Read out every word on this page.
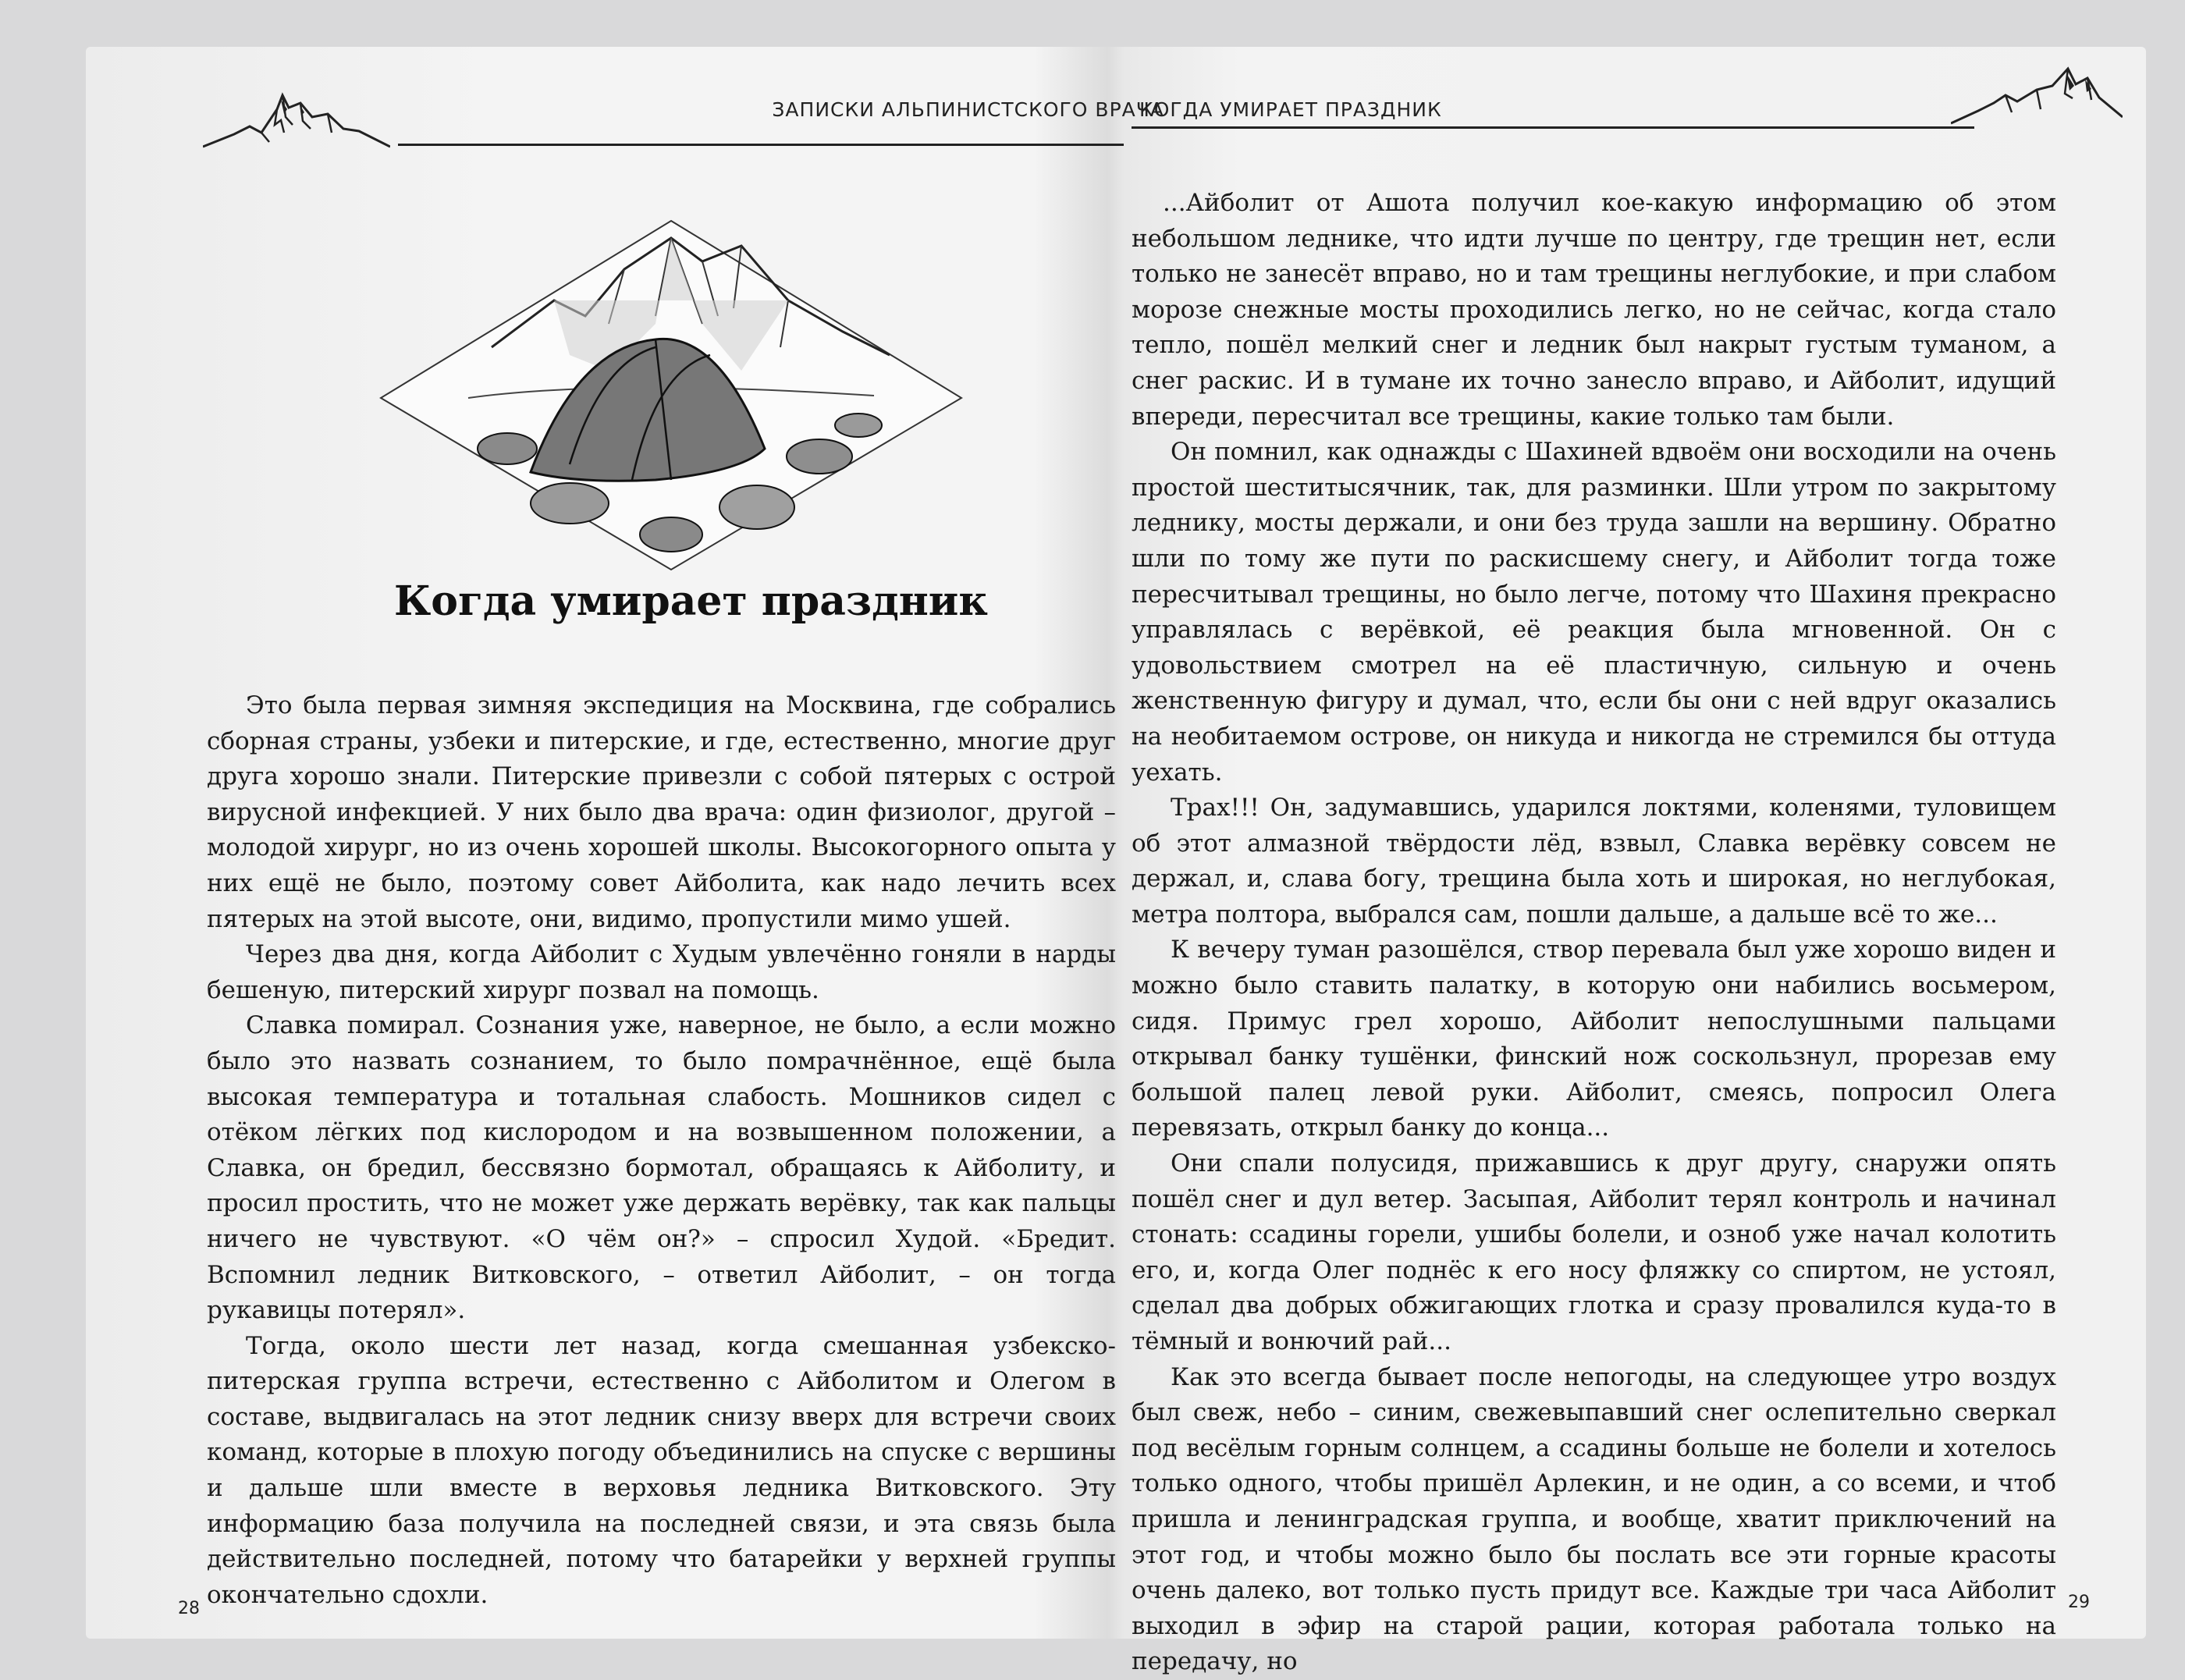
ЗАПИСКИ АЛЬПИНИСТСКОГО ВРАЧА
Когда умирает праздник

Это была первая зимняя экспедиция на Москвина, где собрались сборная страны, узбеки и питерские, и где, естественно, многие друг друга хорошо знали. Питерские привезли с собой пятерых с острой вирусной инфекцией. У них было два врача: один физиолог, другой – молодой хирург, но из очень хорошей школы. Высокогорного опыта у них ещё не было, поэтому совет Айболита, как надо лечить всех пятерых на этой высоте, они, видимо, пропустили мимо ушей.

Через два дня, когда Айболит с Худым увлечённо гоняли в нарды бешеную, питерский хирург позвал на помощь.

Славка помирал. Сознания уже, наверное, не было, а если можно было это назвать сознанием, то было помрачнённое, ещё была высокая температура и тотальная слабость. Мошников сидел с отёком лёгких под кислородом и на возвышенном положении, а Славка, он бредил, бессвязно бормотал, обращаясь к Айболиту, и просил простить, что не может уже держать верёвку, так как пальцы ничего не чувствуют. «О чём он?» – спросил Худой. «Бредит. Вспомнил ледник Витковского, – ответил Айболит, – он тогда рукавицы потерял».

Тогда, около шести лет назад, когда смешанная узбекско-питерская группа встречи, естественно с Айболитом и Олегом в составе, выдвигалась на этот ледник снизу вверх для встречи своих команд, которые в плохую погоду объединились на спуске с вершины и дальше шли вместе в верховья ледника Витковского. Эту информацию база получила на последней связи, и эта связь была действительно последней, потому что батарейки у верхней группы окончательно сдохли.

28
КОГДА УМИРАЕТ ПРАЗДНИК

...Айболит от Ашота получил кое-какую информацию об этом небольшом леднике, что идти лучше по центру, где трещин нет, если только не занесёт вправо, но и там трещины неглубокие, и при слабом морозе снежные мосты проходились легко, но не сейчас, когда стало тепло, пошёл мелкий снег и ледник был накрыт густым туманом, а снег раскис. И в тумане их точно занесло вправо, и Айболит, идущий впереди, пересчитал все трещины, какие только там были.

Он помнил, как однажды с Шахиней вдвоём они восходили на очень простой шеститысячник, так, для разминки. Шли утром по закрытому леднику, мосты держали, и они без труда зашли на вершину. Обратно шли по тому же пути по раскисшему снегу, и Айболит тогда тоже пересчитывал трещины, но было легче, потому что Шахиня прекрасно управлялась с верёвкой, её реакция была мгновенной. Он с удовольствием смотрел на её пластичную, сильную и очень женственную фигуру и думал, что, если бы они с ней вдруг оказались на необитаемом острове, он никуда и никогда не стремился бы оттуда уехать.

Трах!!! Он, задумавшись, ударился локтями, коленями, туловищем об этот алмазной твёрдости лёд, взвыл, Славка верёвку совсем не держал, и, слава богу, трещина была хоть и широкая, но неглубокая, метра полтора, выбрался сам, пошли дальше, а дальше всё то же...

К вечеру туман разошёлся, створ перевала был уже хорошо виден и можно было ставить палатку, в которую они набились восьмером, сидя. Примус грел хорошо, Айболит непослушными пальцами открывал банку тушёнки, финский нож соскользнул, прорезав ему большой палец левой руки. Айболит, смеясь, попросил Олега перевязать, открыл банку до конца...

Они спали полусидя, прижавшись к друг другу, снаружи опять пошёл снег и дул ветер. Засыпая, Айболит терял контроль и начинал стонать: ссадины горели, ушибы болели, и озноб уже начал колотить его, и, когда Олег поднёс к его носу фляжку со спиртом, не устоял, сделал два добрых обжигающих глотка и сразу провалился куда-то в тёмный и вонючий рай...

Как это всегда бывает после непогоды, на следующее утро воздух был свеж, небо – синим, свежевыпавший снег ослепительно сверкал под весёлым горным солнцем, а ссадины больше не болели и хотелось только одного, чтобы пришёл Арлекин, и не один, а со всеми, и чтоб пришла и ленинградская группа, и вообще, хватит приключений на этот год, и чтобы можно было бы послать все эти горные красоты очень далеко, вот только пусть придут все. Каждые три часа Айболит выходил в эфир на старой рации, которая работала только на передачу, но

29
